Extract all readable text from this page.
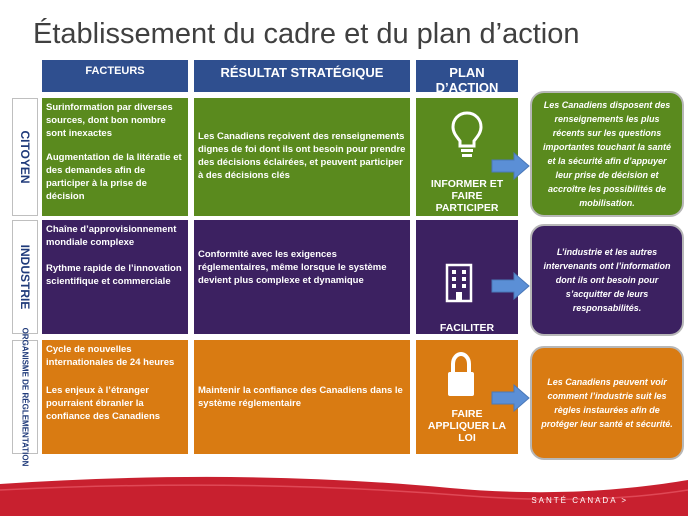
Établissement du cadre et du plan d’action
FACTEURS	RÉSULTAT STRATÉGIQUE	PLAN D’ACTION
CITOYEN

Surinformation par diverses sources, dont bon nombre sont inexactes

Augmentation de la litératie et des demandes afin de participer à la prise de décision

Les Canadiens reçoivent des renseignements dignes de foi dont ils ont besoin pour prendre des décisions éclairées, et peuvent participer à des décisions clés

INFORMER ET FAIRE PARTICIPER
Les Canadiens disposent des renseignements les plus récents sur les questions importantes touchant la santé et la sécurité afin d’appuyer leur prise de décision et accroître les possibilités de mobilisation.
INDUSTRIE

Chaîne d’approvisionnement mondiale complexe

Rythme rapide de l’innovation scientifique et commerciale

Conformité avec les exigences réglementaires, même lorsque le système devient plus complexe et dynamique

FACILITER
L’industrie et les autres intervenants ont l’information dont ils ont besoin pour s’acquitter de leurs responsabilités.
ORGANISME DE RÉGLEMENTATION Cycle de nouvelles internationales de 24 heures

Les enjeux à l’étranger pourraient ébranler la confiance des Canadiens

Maintenir la confiance des Canadiens dans le système réglementaire

FAIRE APPLIQUER LA LOI
Les Canadiens peuvent voir comment l’industrie suit les règles instaurées afin de protéger leur santé et sécurité.
SANTÉ CANADA >
